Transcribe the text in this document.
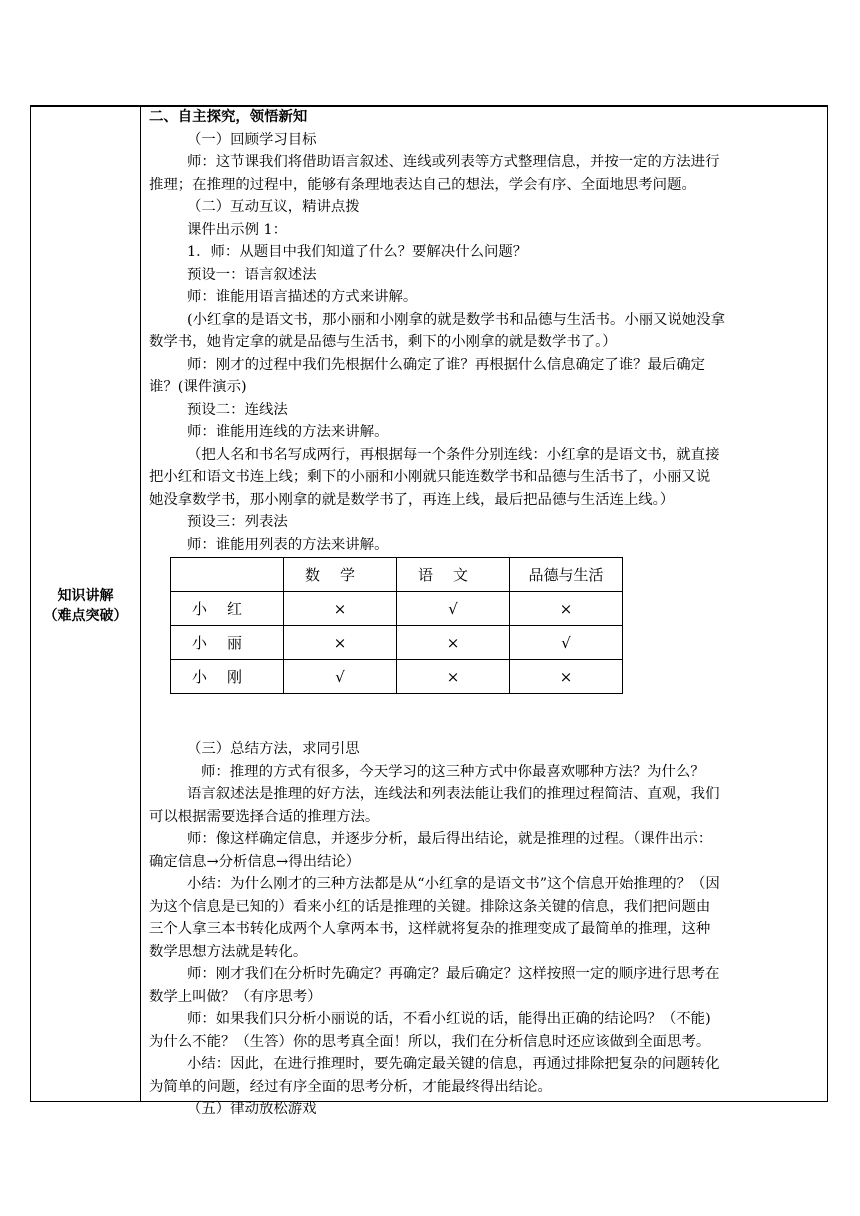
知识讲解
（难点突破）
二、自主探究，领悟新知
（一）回顾学习目标
师：这节课我们将借助语言叙述、连线或列表等方式整理信息，并按一定的方法进行
推理；在推理的过程中，能够有条理地表达自己的想法，学会有序、全面地思考问题。
（二）互动互议，精讲点拨
课件出示例 1：
1．师：从题目中我们知道了什么？要解决什么问题？
预设一：语言叙述法
师：谁能用语言描述的方式来讲解。
(小红拿的是语文书，那小丽和小刚拿的就是数学书和品德与生活书。小丽又说她没拿
数学书，她肯定拿的就是品德与生活书，剩下的小刚拿的就是数学书了。）
师：刚才的过程中我们先根据什么确定了谁？再根据什么信息确定了谁？最后确定
谁？(课件演示)
预设二：连线法
师：谁能用连线的方法来讲解。
（把人名和书名写成两行，再根据每一个条件分别连线：小红拿的是语文书，就直接
把小红和语文书连上线；剩下的小丽和小刚就只能连数学书和品德与生活书了，小丽又说
她没拿数学书，那小刚拿的就是数学书了，再连上线，最后把品德与生活连上线。）
预设三：列表法
师：谁能用列表的方法来讲解。
（三）总结方法，求同引思
师：推理的方式有很多，今天学习的这三种方式中你最喜欢哪种方法？为什么？
语言叙述法是推理的好方法，连线法和列表法能让我们的推理过程简洁、直观，我们
可以根据需要选择合适的推理方法。
师：像这样确定信息，并逐步分析，最后得出结论，就是推理的过程。（课件出示：
确定信息→分析信息→得出结论）
小结：为什么刚才的三种方法都是从“小红拿的是语文书”这个信息开始推理的？（因
为这个信息是已知的）看来小红的话是推理的关键。排除这条关键的信息，我们把问题由
三个人拿三本书转化成两个人拿两本书，这样就将复杂的推理变成了最简单的推理，这种
数学思想方法就是转化。
师：刚才我们在分析时先确定？再确定？最后确定？这样按照一定的顺序进行思考在
数学上叫做？（有序思考）
师：如果我们只分析小丽说的话，不看小红说的话，能得出正确的结论吗？（不能)
为什么不能？（生答）你的思考真全面！所以，我们在分析信息时还应该做到全面思考。
小结：因此，在进行推理时，要先确定最关键的信息，再通过排除把复杂的问题转化
为简单的问题，经过有序全面的思考分析，才能最终得出结论。
（五）律动放松游戏
	数学	语文	品德与生活
小红	×	√	×
小丽	×	×	√
小刚	√	×	×
